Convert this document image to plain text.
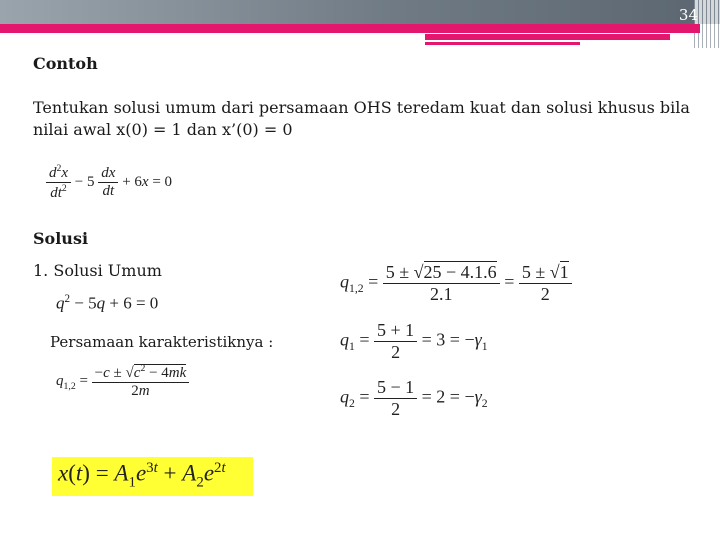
34
Contoh
Tentukan solusi umum dari persamaan OHS teredam kuat dan solusi khusus bila
nilai awal x(0) = 1 dan x’(0) = 0
$\frac{d^2x}{dt^2} - 5 \frac{dx}{dt} + 6x = 0$
Solusi
1. Solusi Umum
$q^2 - 5q + 6 = 0$
Persamaan karakteristiknya :
$q_{1,2} = \frac{-c \pm √c^2 - 4mk}{2m}$
$q_{1,2} = \frac{5 \pm √25 - 4.1.6}{2.1} = \frac{5 \pm √1}{2}$
$q_1 = \frac{5 + 1}{2} = 3 = -\gamma_1$
$q_2 = \frac{5 - 1}{2} = 2 = -\gamma_2$
$x(t) = A_1e^{3t} + A_2e^{2t}$
